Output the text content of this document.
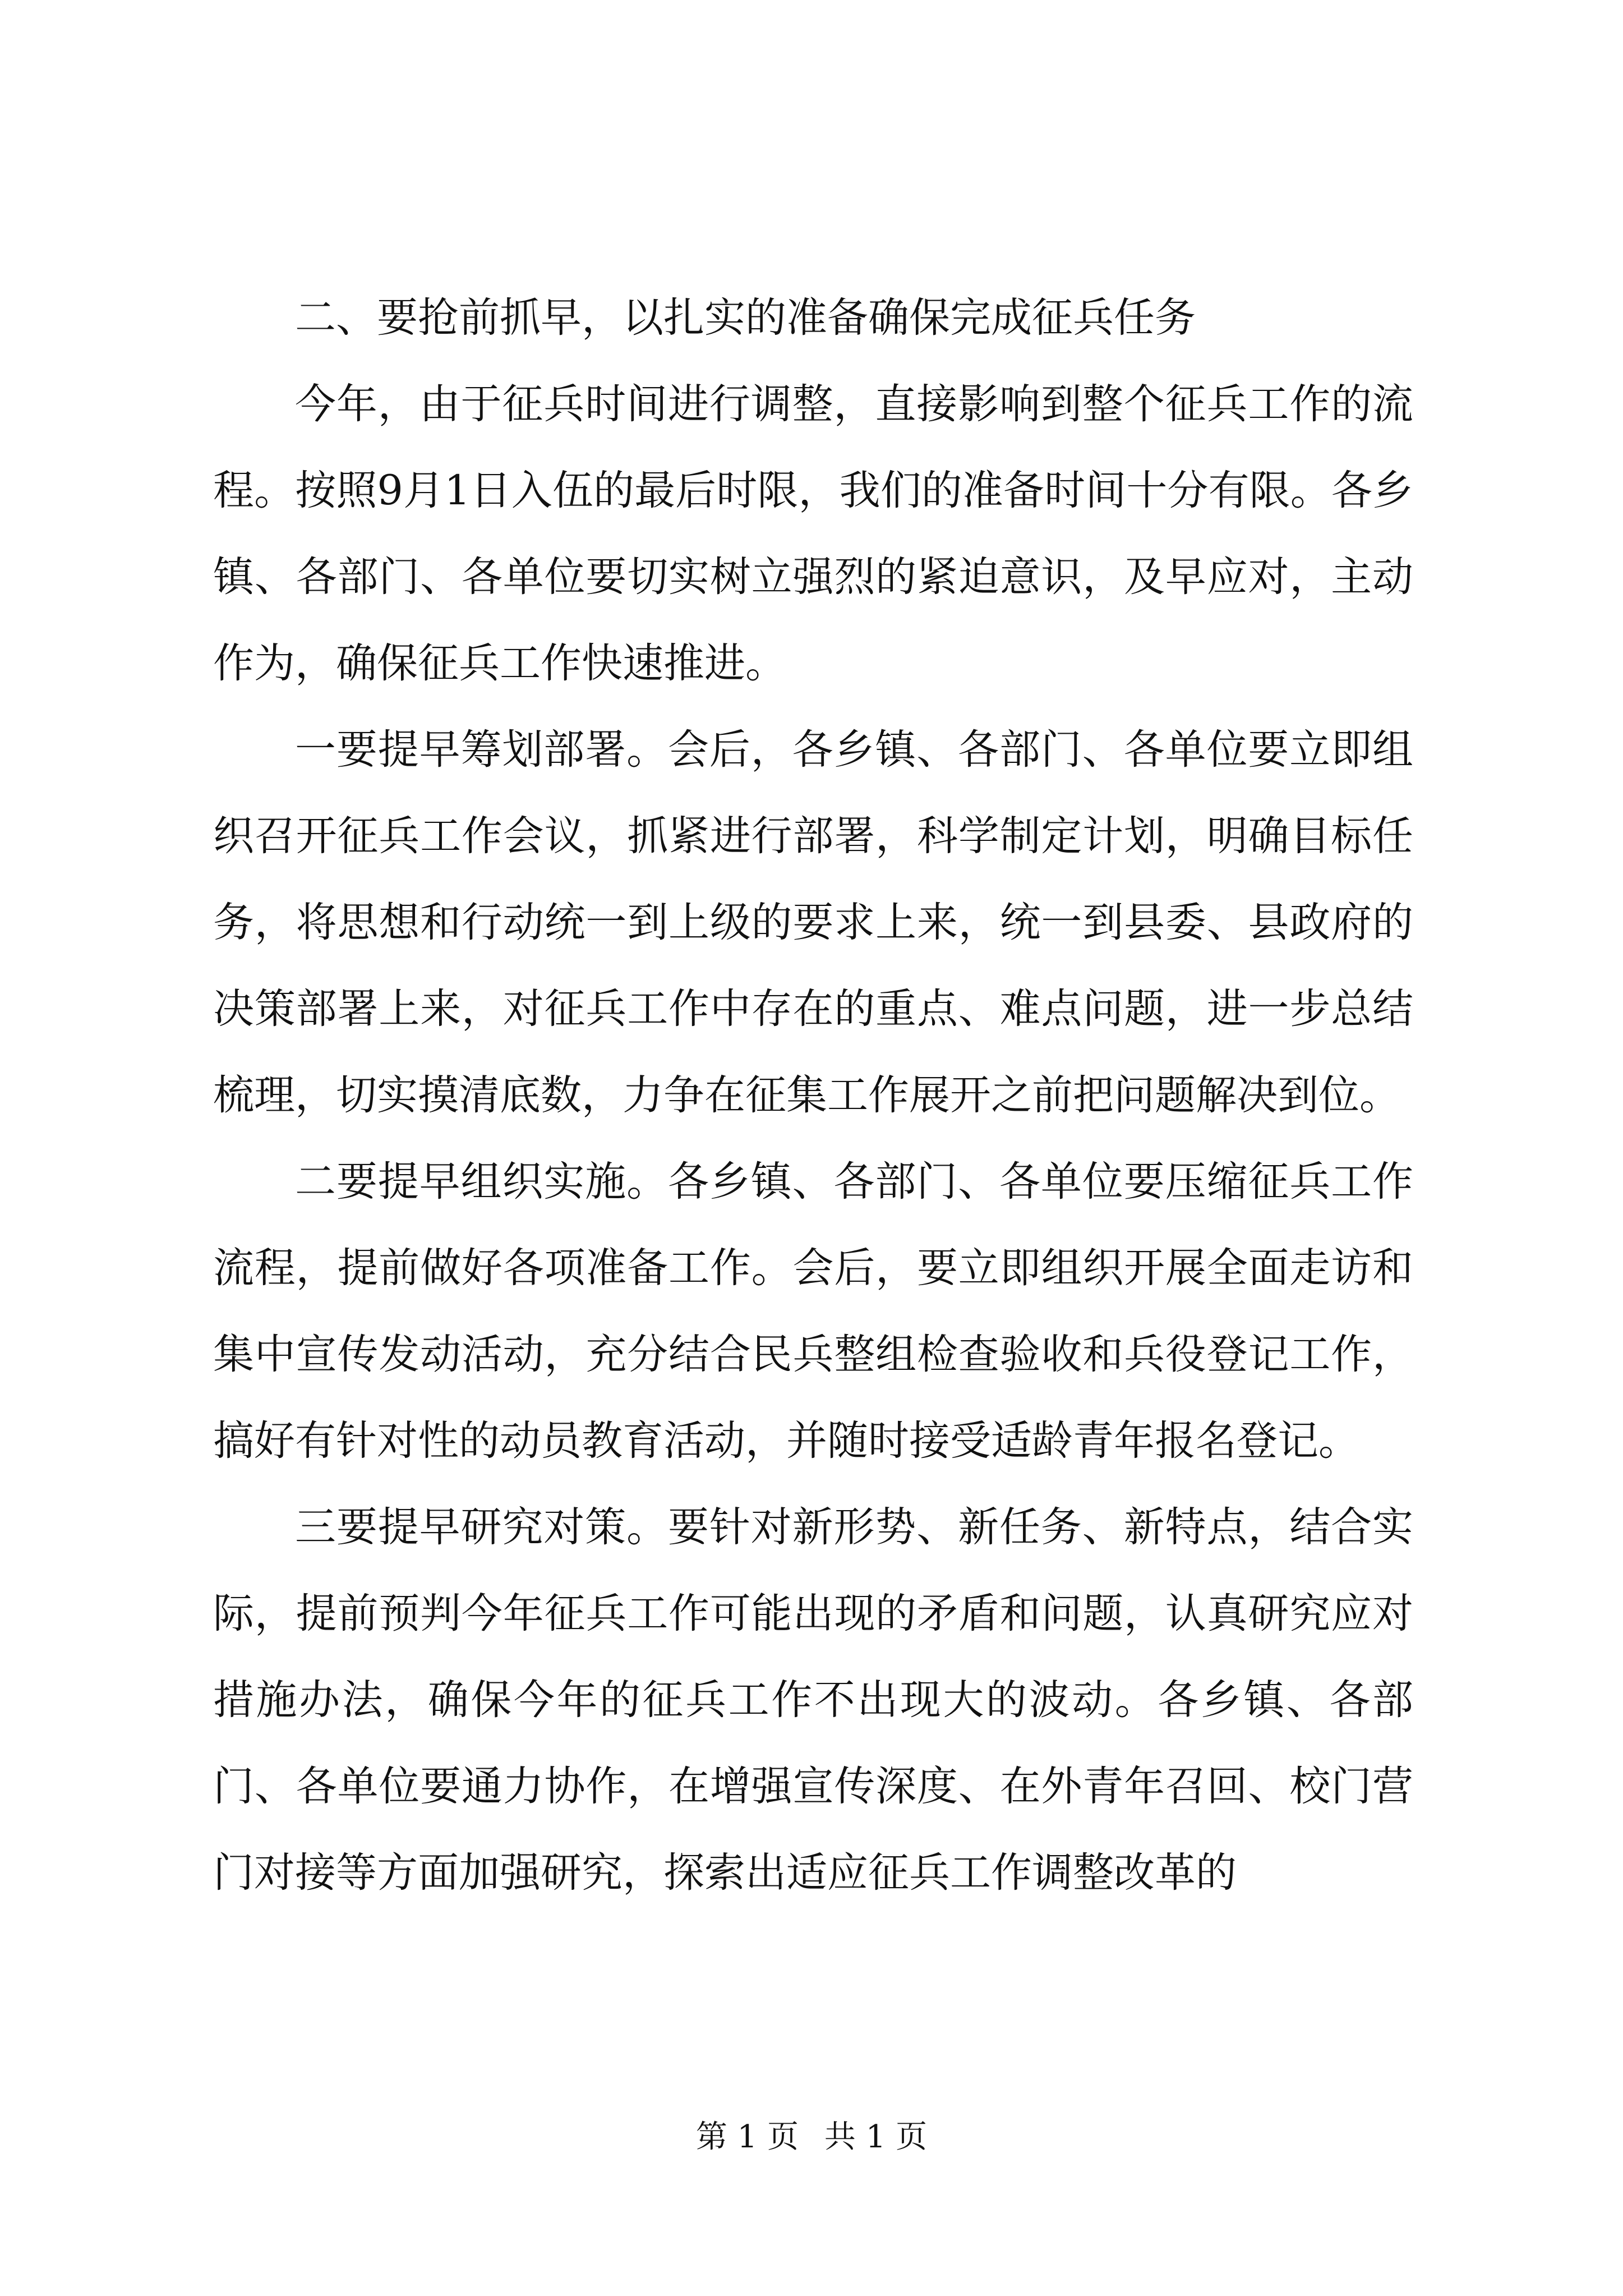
二、要抢前抓早，以扎实的准备确保完成征兵任务

今年，由于征兵时间进行调整，直接影响到整个征兵工作的流程。按照9月1日入伍的最后时限，我们的准备时间十分有限。各乡镇、各部门、各单位要切实树立强烈的紧迫意识，及早应对，主动作为，确保征兵工作快速推进。

一要提早筹划部署。会后，各乡镇、各部门、各单位要立即组织召开征兵工作会议，抓紧进行部署，科学制定计划，明确目标任务，将思想和行动统一到上级的要求上来，统一到县委、县政府的决策部署上来，对征兵工作中存在的重点、难点问题，进一步总结梳理，切实摸清底数，力争在征集工作展开之前把问题解决到位。

二要提早组织实施。各乡镇、各部门、各单位要压缩征兵工作流程，提前做好各项准备工作。会后，要立即组织开展全面走访和集中宣传发动活动，充分结合民兵整组检查验收和兵役登记工作，搞好有针对性的动员教育活动，并随时接受适龄青年报名登记。

三要提早研究对策。要针对新形势、新任务、新特点，结合实际，提前预判今年征兵工作可能出现的矛盾和问题，认真研究应对措施办法，确保今年的征兵工作不出现大的波动。各乡镇、各部门、各单位要通力协作，在增强宣传深度、在外青年召回、校门营门对接等方面加强研究，探索出适应征兵工作调整改革的

第 1 页 共 1 页
